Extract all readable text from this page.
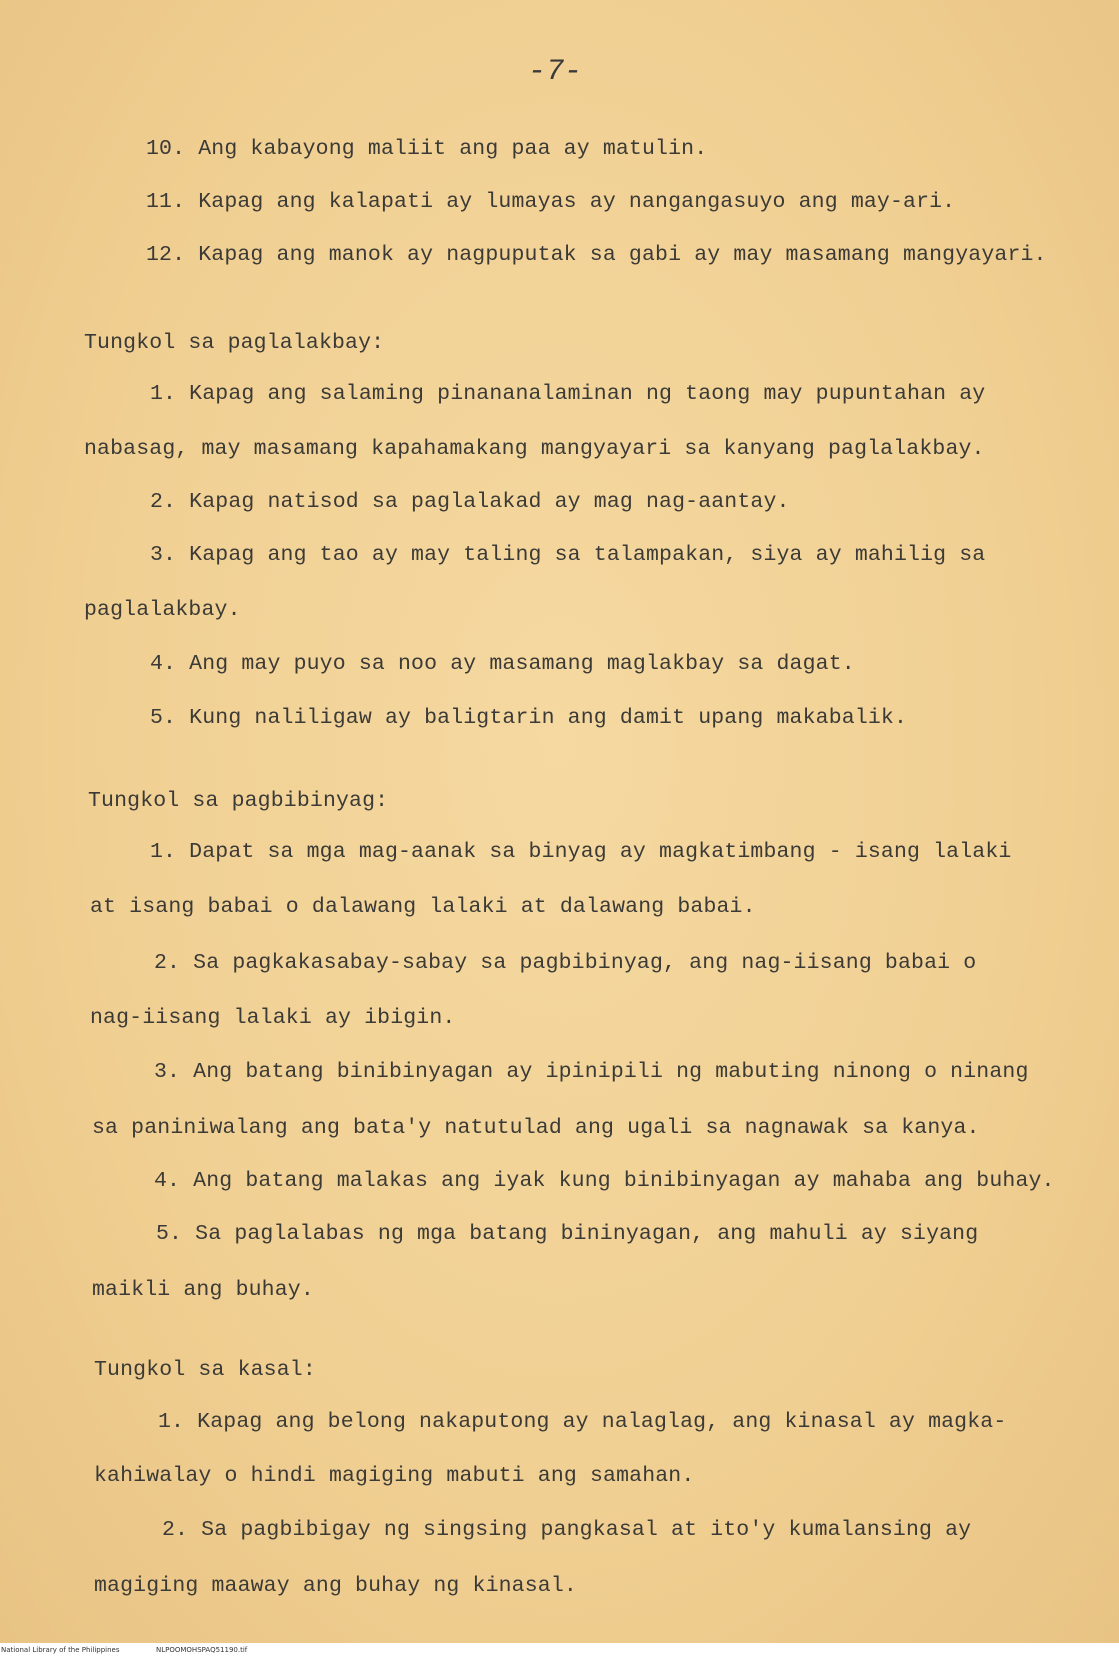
-7-
10. Ang kabayong maliit ang paa ay matulin.
11. Kapag ang kalapati ay lumayas ay nangangasuyo ang may-ari.
12. Kapag ang manok ay nagpuputak sa gabi ay may masamang mangyayari.
Tungkol sa paglalakbay:
1. Kapag ang salaming pinananalaminan ng taong may pupuntahan ay
nabasag, may masamang kapahamakang mangyayari sa kanyang paglalakbay.
2. Kapag natisod sa paglalakad ay mag nag-aantay.
3. Kapag ang tao ay may taling sa talampakan, siya ay mahilig sa
paglalakbay.
4. Ang may puyo sa noo ay masamang maglakbay sa dagat.
5. Kung naliligaw ay baligtarin ang damit upang makabalik.
Tungkol sa pagbibinyag:
1. Dapat sa mga mag-aanak sa binyag ay magkatimbang - isang lalaki
at isang babai o dalawang lalaki at dalawang babai.
2. Sa pagkakasabay-sabay sa pagbibinyag, ang nag-iisang babai o
nag-iisang lalaki ay ibigin.
3. Ang batang binibinyagan ay ipinipili ng mabuting ninong o ninang
sa paniniwalang ang bata'y natutulad ang ugali sa nagnawak sa kanya.
4. Ang batang malakas ang iyak kung binibinyagan ay mahaba ang buhay.
5. Sa paglalabas ng mga batang bininyagan, ang mahuli ay siyang
maikli ang buhay.
Tungkol sa kasal:
1. Kapag ang belong nakaputong ay nalaglag, ang kinasal ay magka-
kahiwalay o hindi magiging mabuti ang samahan.
2. Sa pagbibigay ng singsing pangkasal at ito'y kumalansing ay
magiging maaway ang buhay ng kinasal.
National Library of the Philippines	NLPOOMOHSPAQ51190.tif
